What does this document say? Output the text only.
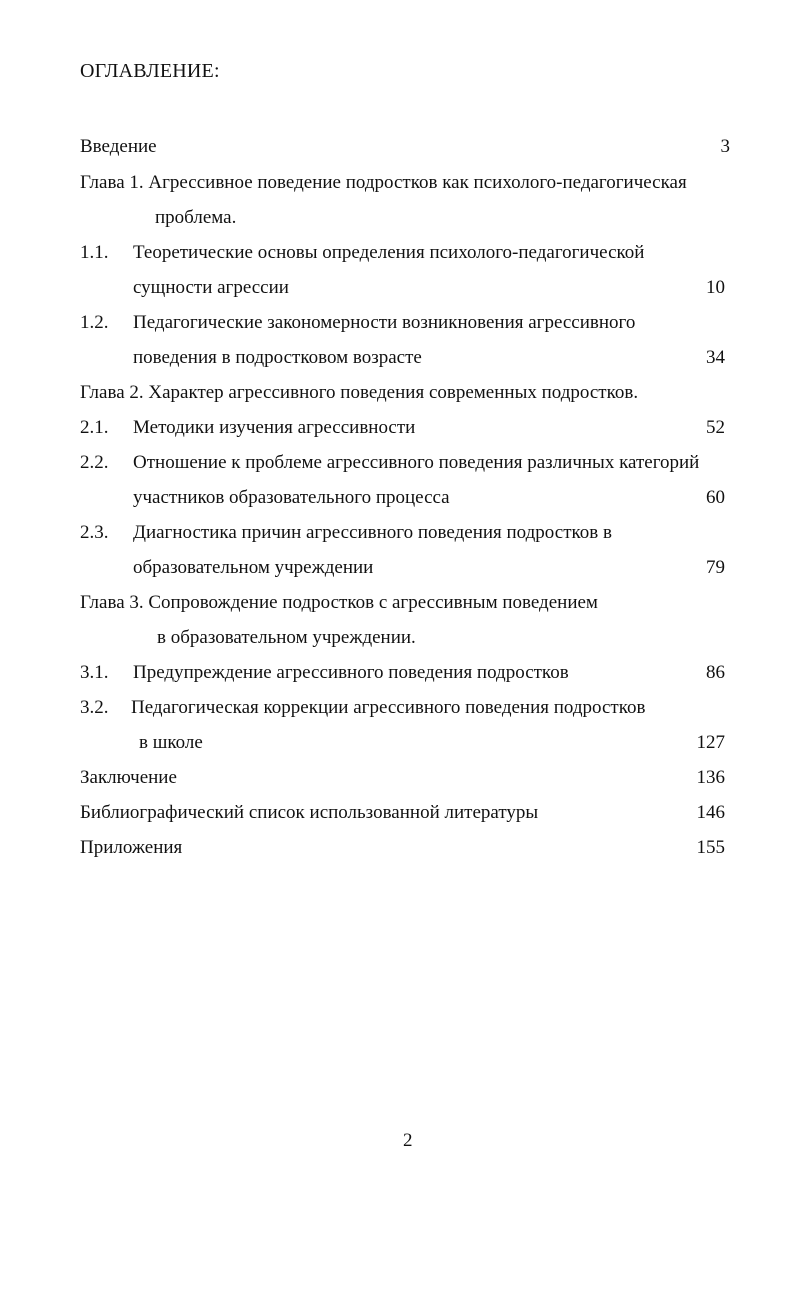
ОГЛАВЛЕНИЕ:
Введение	3
Глава 1. Агрессивное поведение подростков как психолого-педагогическая
проблема.
1.1. Теоретические основы определения психолого-педагогической
сущности агрессии	10
1.2. Педагогические закономерности возникновения агрессивного
поведения в подростковом возрасте	34
Глава 2. Характер агрессивного поведения современных подростков.
2.1. Методики изучения агрессивности	52
2.2. Отношение к проблеме агрессивного поведения различных категорий
участников образовательного процесса	60
2.3. Диагностика причин агрессивного поведения подростков в
образовательном учреждении	79
Глава 3. Сопровождение подростков с агрессивным поведением
в образовательном учреждении.
3.1. Предупреждение агрессивного поведения подростков	86
3.2. Педагогическая коррекции агрессивного поведения подростков
в школе	127
Заключение	136
Библиографический список использованной литературы	146
Приложения	155
2
